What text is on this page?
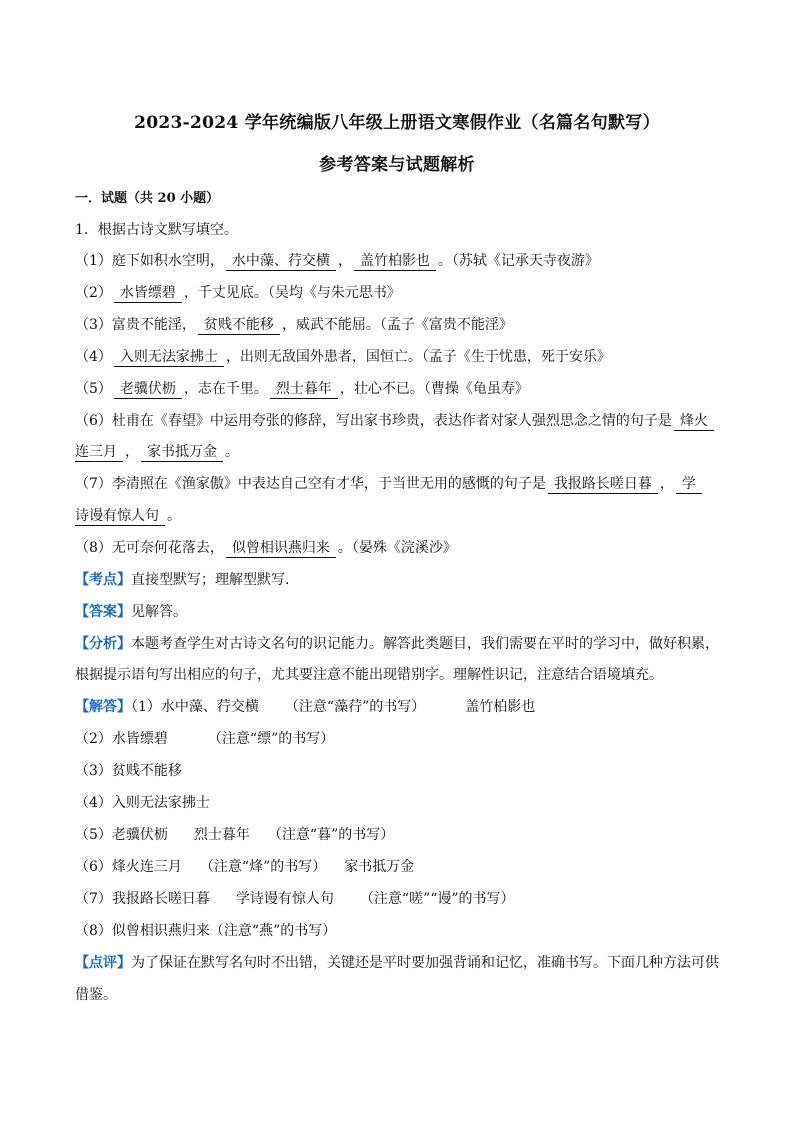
2023-2024 学年统编版八年级上册语文寒假作业（名篇名句默写）
参考答案与试题解析
一．试题（共 20 小题）
1．根据古诗文默写填空。
（1）庭下如积水空明， 水中藻、荇交横 ， 盖竹柏影也 。（苏轼《记承天寺夜游》
（2） 水皆缥碧 ，千丈见底。（吴均《与朱元思书》
（3）富贵不能淫， 贫贱不能移 ，威武不能屈。（孟子《富贵不能淫》
（4） 入则无法家拂士 ，出则无敌国外患者，国恒亡。（孟子《生于忧患，死于安乐》
（5） 老骥伏枥 ，志在千里。 烈士暮年 ，壮心不已。（曹操《龟虽寿》
（6）杜甫在《春望》中运用夸张的修辞，写出家书珍贵，表达作者对家人强烈思念之情的句子是 烽火
连三月 ， 家书抵万金 。
（7）李清照在《渔家傲》中表达自己空有才华，于当世无用的感慨的句子是 我报路长嗟日暮 ， 学
诗谩有惊人句 。
（8）无可奈何花落去， 似曾相识燕归来 。（晏殊《浣溪沙》
【考点】直接型默写；理解型默写．
【答案】见解答。
【分析】本题考查学生对古诗文名句的识记能力。解答此类题目，我们需要在平时的学习中，做好积累，
根据提示语句写出相应的句子，尤其要注意不能出现错别字。理解性识记，注意结合语境填充。
【解答】（1）水中藻、荇交横 （注意“藻荇”的书写）	盖竹柏影也
（2）水皆缥碧	（注意“缥”的书写）
（3）贫贱不能移
（4）入则无法家拂士
（5）老骥伏枥 烈士暮年 （注意“暮”的书写）
（6）烽火连三月 （注意“烽”的书写） 家书抵万金
（7）我报路长嗟日暮 学诗谩有惊人句 （注意“嗟”“谩”的书写）
（8）似曾相识燕归来（注意“燕”的书写）
【点评】为了保证在默写名句时不出错，关键还是平时要加强背诵和记忆，准确书写。下面几种方法可供
借鉴。
